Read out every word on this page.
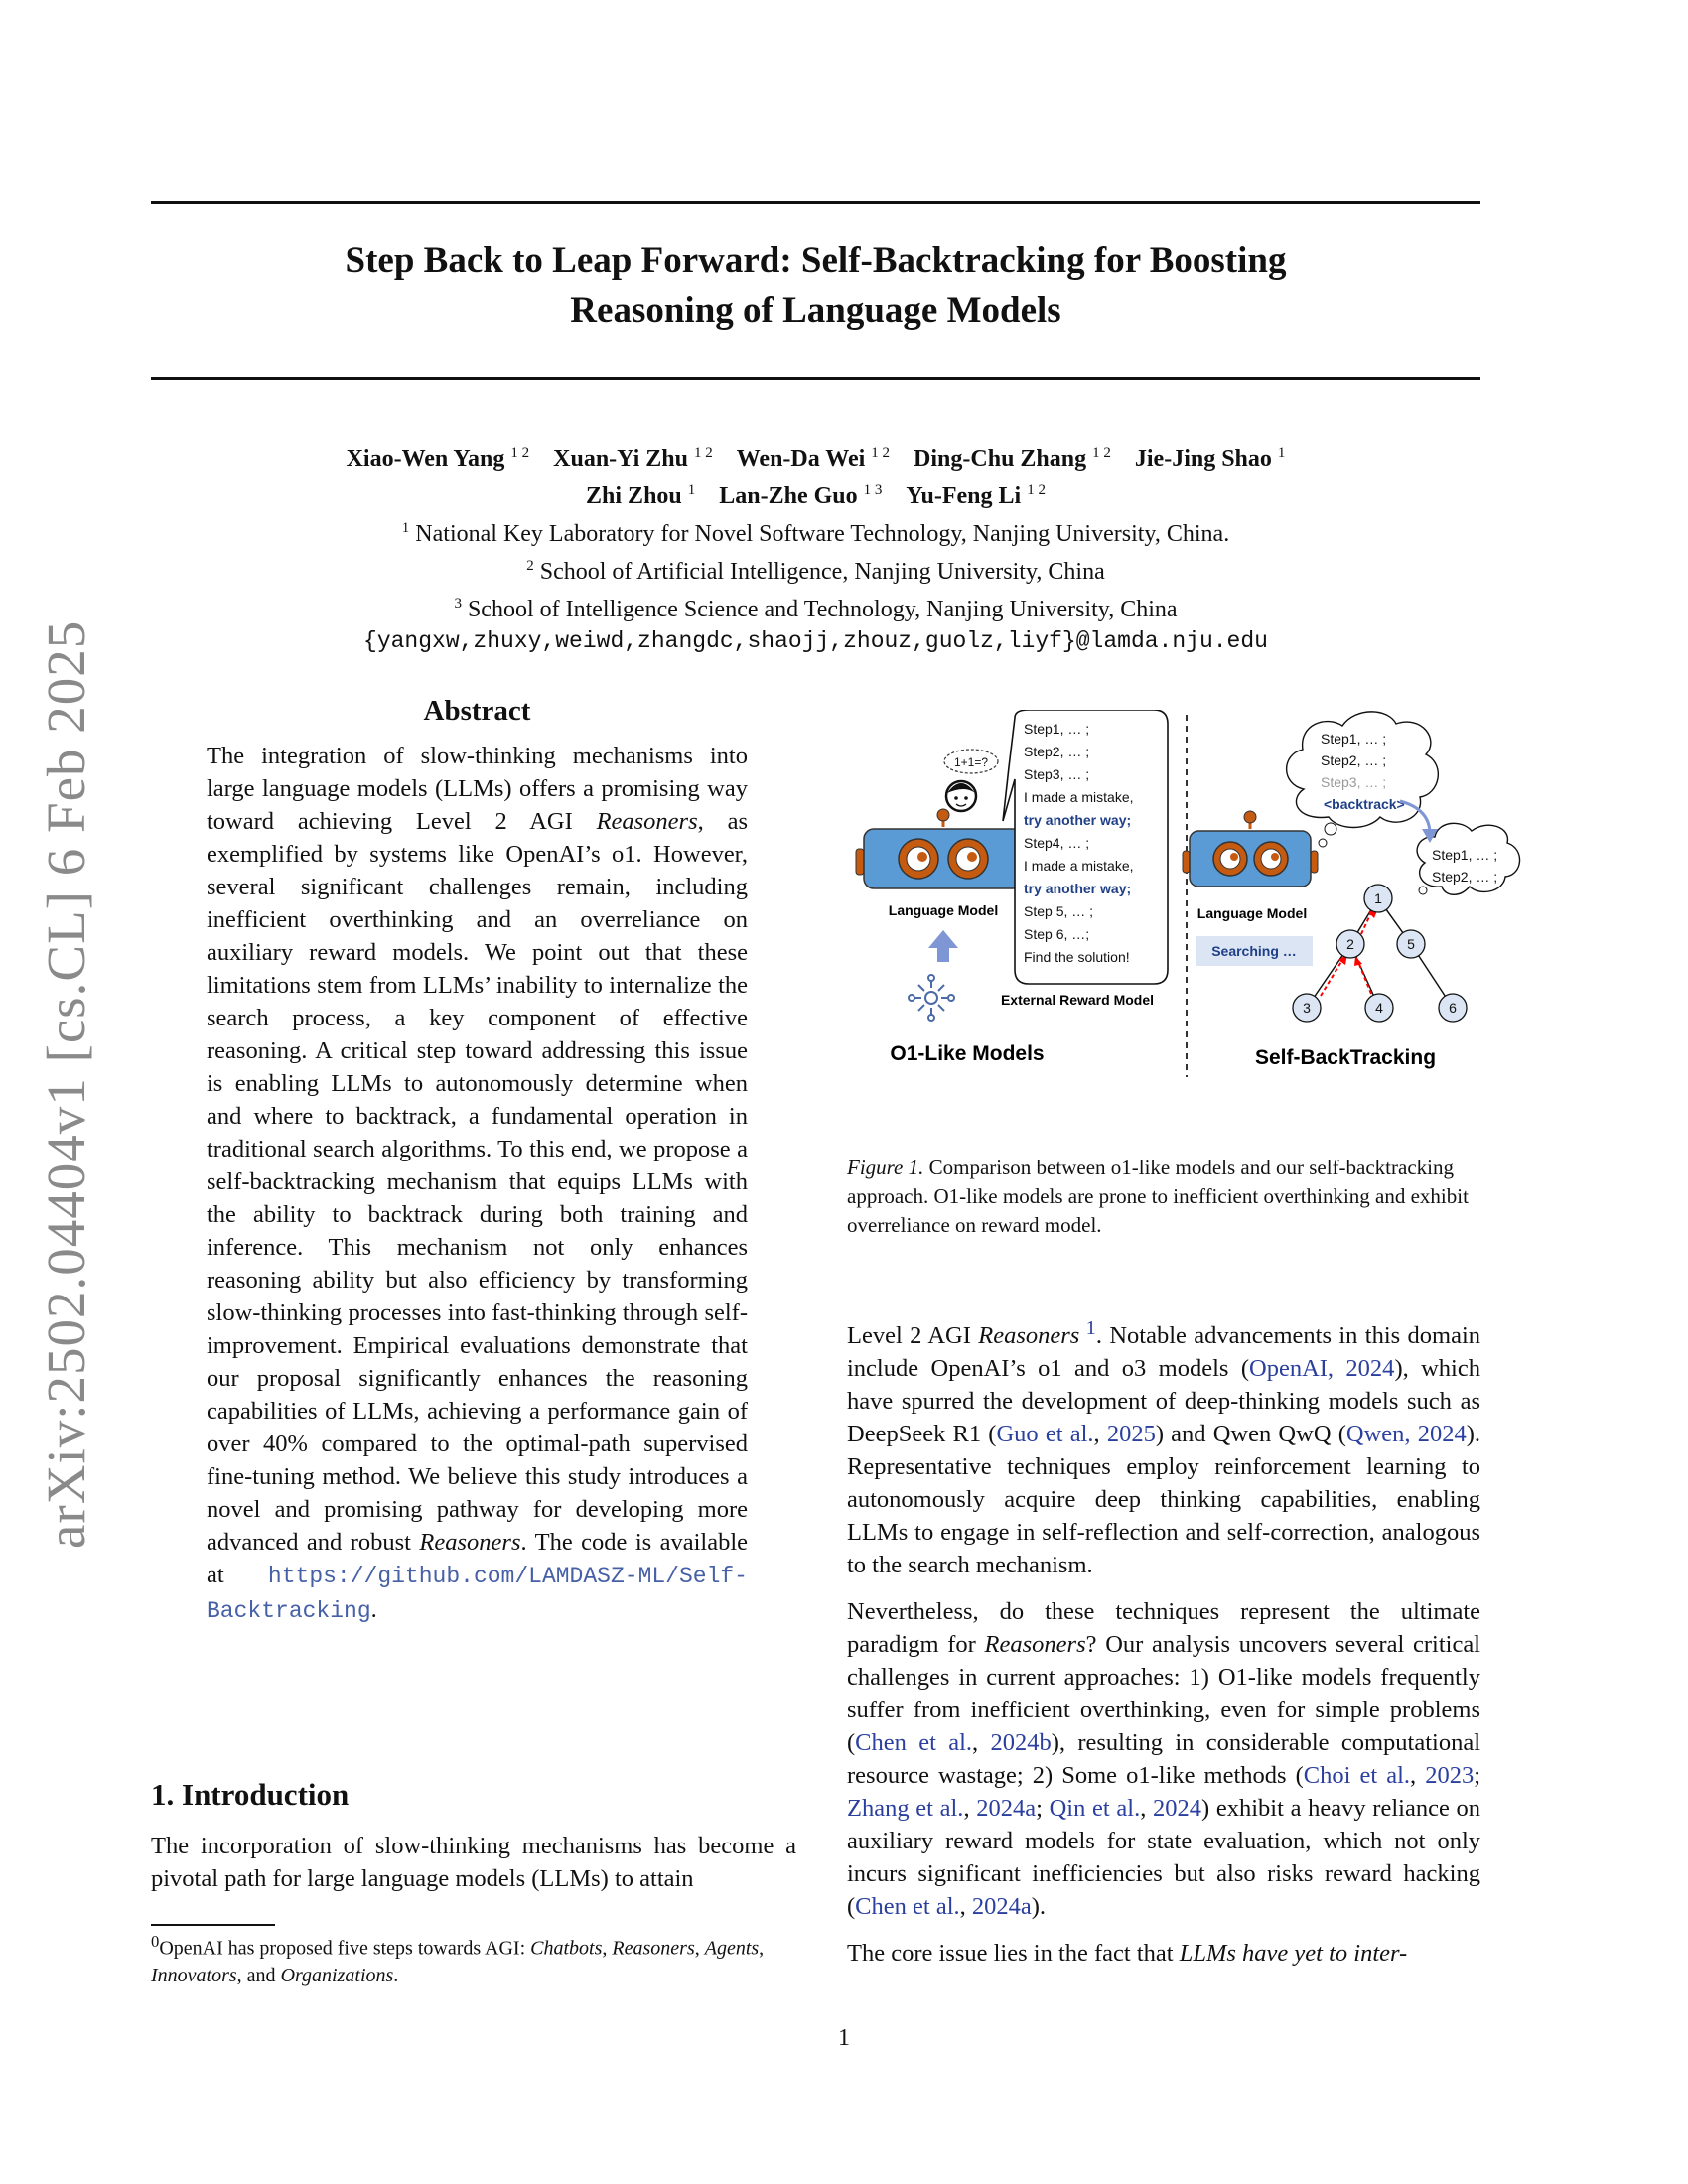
arXiv:2502.04404v1 [cs.CL] 6 Feb 2025
Step Back to Leap Forward: Self-Backtracking for Boosting
Reasoning of Language Models
Xiao-Wen Yang $^{1 2}$ Xuan-Yi Zhu $^{1 2}$ Wen-Da Wei $^{1 2}$ Ding-Chu Zhang $^{1 2}$ Jie-Jing Shao $^1$
Zhi Zhou $^1$ Lan-Zhe Guo $^{1 3}$ Yu-Feng Li $^{1 2}$
$^1$ National Key Laboratory for Novel Software Technology, Nanjing University, China.
$^2$ School of Artificial Intelligence, Nanjing University, China
$^3$ School of Intelligence Science and Technology, Nanjing University, China
{yangxw,zhuxy,weiwd,zhangdc,shaojj,zhouz,guolz,liyf}@lamda.nju.edu
Abstract
The integration of slow-thinking mechanisms into large language models (LLMs) offers a promising way toward achieving Level 2 AGI Reasoners, as exemplified by systems like OpenAI’s o1. However, several significant challenges remain, including inefficient overthinking and an overreliance on auxiliary reward models. We point out that these limitations stem from LLMs’ inability to internalize the search process, a key component of effective reasoning. A critical step toward addressing this issue is enabling LLMs to autonomously determine when and where to backtrack, a fundamental operation in traditional search algorithms. To this end, we propose a self-backtracking mechanism that equips LLMs with the ability to backtrack during both training and inference. This mechanism not only enhances reasoning ability but also efficiency by transforming slow-thinking processes into fast-thinking through self-improvement. Empirical evaluations demonstrate that our proposal significantly enhances the reasoning capabilities of LLMs, achieving a performance gain of over 40% compared to the optimal-path supervised fine-tuning method. We believe this study introduces a novel and promising pathway for developing more advanced and robust Reasoners. The code is available at https://github.com/LAMDASZ-ML/Self-Backtracking.
1. Introduction
The incorporation of slow-thinking mechanisms has become a pivotal path for large language models (LLMs) to attain
$^0$OpenAI has proposed five steps towards AGI: Chatbots, Reasoners, Agents, Innovators, and Organizations.
1+1=?
Language Model
External Reward Model
O1-Like Models
Step1, … ;
Step2, … ;
Step3, … ;
I made a mistake,
try another way;
Step4, … ;
I made a mistake,
try another way;
Step 5, … ;
Step 6, …;
Find the solution!
Step1, … ;
Step2, … ;
Step3, … ;
<backtrack>
Step1, … ;
Step2, … ;
Language Model
Searching …
1
2
3	4
5
6
Self-BackTracking
Figure 1. Comparison between o1-like models and our self-backtracking approach. O1-like models are prone to inefficient overthinking and exhibit overreliance on reward model.

Level 2 AGI Reasoners $^1$. Notable advancements in this domain include OpenAI’s o1 and o3 models (OpenAI, 2024), which have spurred the development of deep-thinking models such as DeepSeek R1 (Guo et al., 2025) and Qwen QwQ (Qwen, 2024). Representative techniques employ reinforcement learning to autonomously acquire deep thinking capabilities, enabling LLMs to engage in self-reflection and self-correction, analogous to the search mechanism.

Nevertheless, do these techniques represent the ultimate paradigm for Reasoners? Our analysis uncovers several critical challenges in current approaches: 1) O1-like models frequently suffer from inefficient overthinking, even for simple problems (Chen et al., 2024b), resulting in considerable computational resource wastage; 2) Some o1-like methods (Choi et al., 2023; Zhang et al., 2024a; Qin et al., 2024) exhibit a heavy reliance on auxiliary reward models for state evaluation, which not only incurs significant inefficiencies but also risks reward hacking (Chen et al., 2024a).

The core issue lies in the fact that LLMs have yet to inter-

1
